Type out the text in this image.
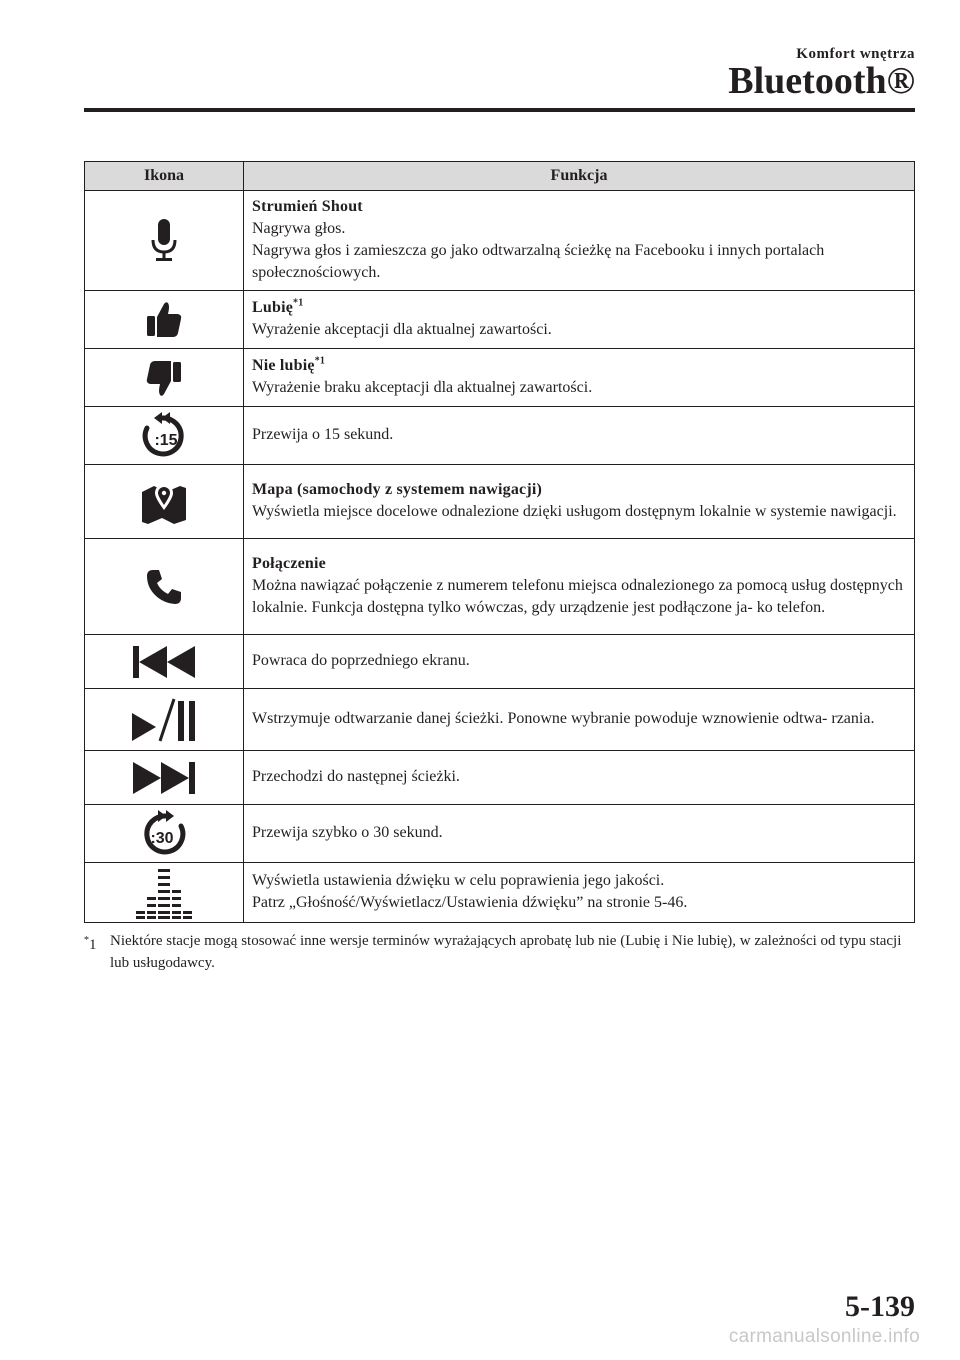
Komfort wnętrza
Bluetooth®
Ikona	Funkcja

Strumień Shout
Nagrywa głos.
Nagrywa głos i zamieszcza go jako odtwarzalną ścieżkę na Facebooku i innych portalach społecznościowych.

Lubię$^{*1}$
Wyrażenie akceptacji dla aktualnej zawartości.

Nie lubię$^{*1}$
Wyrażenie braku akceptacji dla aktualnej zawartości.

:15	Przewija o 15 sekund.

Mapa (samochody z systemem nawigacji)
Wyświetla miejsce docelowe odnalezione dzięki usługom dostępnym lokalnie w systemie nawigacji.

Połączenie
Można nawiązać połączenie z numerem telefonu miejsca odnalezionego za pomocą usług dostępnych lokalnie. Funkcja dostępna tylko wówczas, gdy urządzenie jest podłączone ja- ko telefon.

Powraca do poprzedniego ekranu.

Wstrzymuje odtwarzanie danej ścieżki. Ponowne wybranie powoduje wznowienie odtwa- rzania.

Przechodzi do następnej ścieżki.

:30	Przewija szybko o 30 sekund.

Wyświetla ustawienia dźwięku w celu poprawienia jego jakości.
Patrz „Głośność/Wyświetlacz/Ustawienia dźwięku” na stronie 5-46.
*1 Niektóre stacje mogą stosować inne wersje terminów wyrażających aprobatę lub nie (Lubię i Nie lubię), w zależności od typu stacji lub usługodawcy.
5-139
carmanualsonline.info
